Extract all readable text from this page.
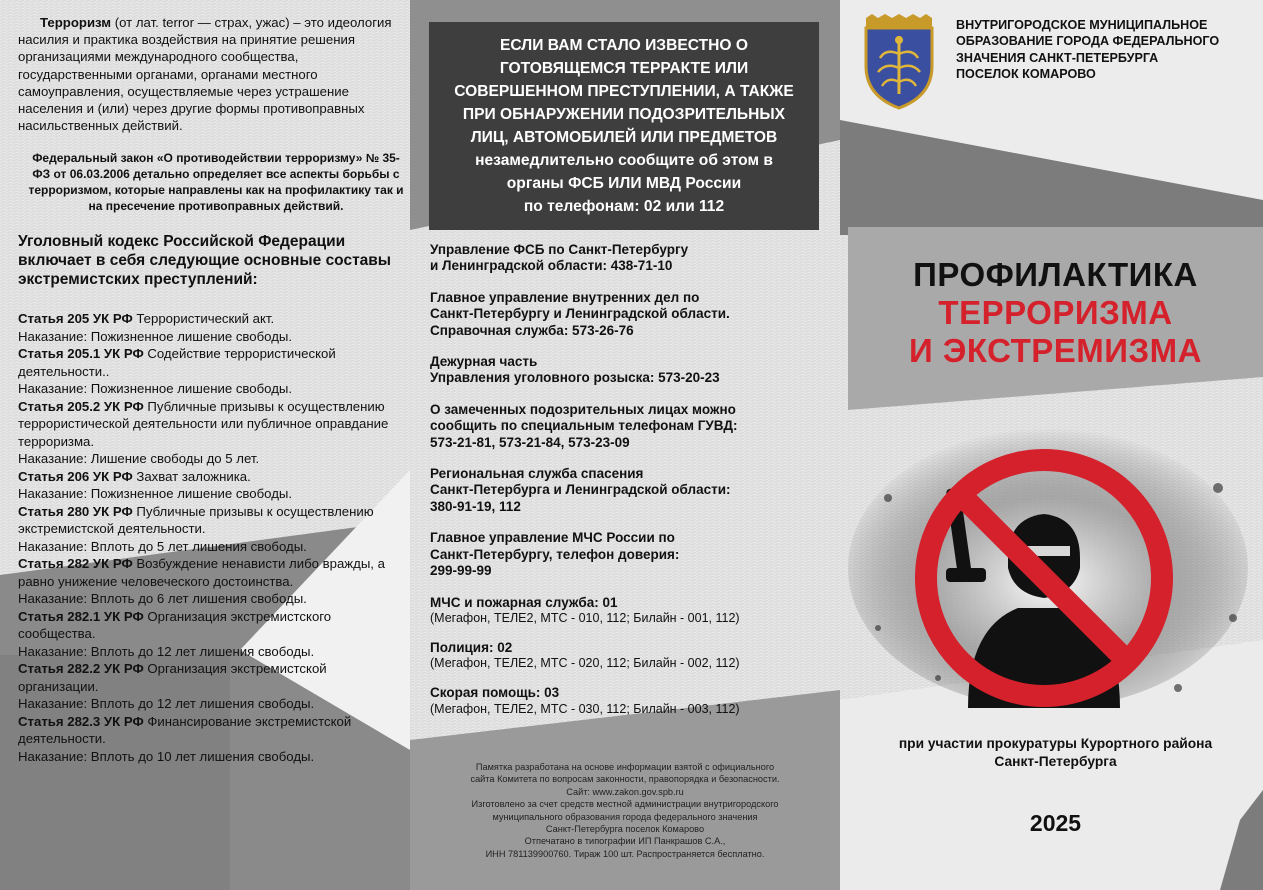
Терроризм (от лат. terror — страх, ужас) – это идеология насилия и практика воздействия на принятие решения организациями международного сообщества, государственными органами, органами местного самоуправления, осуществляемые через устрашение населения и (или) через другие формы противоправных насильственных действий.

Федеральный закон «О противодействии терроризму» № 35-ФЗ от 06.03.2006 детально определяет все аспекты борьбы с терроризмом, которые направлены как на профилактику так и на пресечение противоправных действий.

Уголовный кодекс Российской Федерации включает в себя следующие основные составы экстремистских преступлений:
Статья 205 УК РФ Террористический акт.
Наказание: Пожизненное лишение свободы.
Статья 205.1 УК РФ Содействие террористической деятельности..
Наказание: Пожизненное лишение свободы.
Статья 205.2 УК РФ Публичные призывы к осуществлению террористической деятельности или публичное оправдание терроризма.
Наказание: Лишение свободы до 5 лет.
Статья 206 УК РФ Захват заложника.
Наказание: Пожизненное лишение свободы.
Статья 280 УК РФ Публичные призывы к осуществлению экстремистской деятельности.
Наказание: Вплоть до 5 лет лишения свободы.
Статья 282 УК РФ Возбуждение ненависти либо вражды, а равно унижение человеческого достоинства.
Наказание: Вплоть до 6 лет лишения свободы.
Статья 282.1 УК РФ Организация экстремистского сообщества.
Наказание: Вплоть до 12 лет лишения свободы.
Статья 282.2 УК РФ Организация экстремистской организации.
Наказание: Вплоть до 12 лет лишения свободы.
Статья 282.3 УК РФ Финансирование экстремистской деятельности.
Наказание: Вплоть до 10 лет лишения свободы.
ЕСЛИ ВАМ СТАЛО ИЗВЕСТНО О
ГОТОВЯЩЕМСЯ ТЕРРАКТЕ ИЛИ
СОВЕРШЕННОМ ПРЕСТУПЛЕНИИ, А ТАКЖЕ
ПРИ ОБНАРУЖЕНИИ ПОДОЗРИТЕЛЬНЫХ
ЛИЦ, АВТОМОБИЛЕЙ ИЛИ ПРЕДМЕТОВ
незамедлительно сообщите об этом в
органы ФСБ ИЛИ МВД России
по телефонам: 02 или 112
Управление ФСБ по Санкт-Петербургу
и Ленинградской области: 438-71-10
Главное управление внутренних дел по
Санкт-Петербургу и Ленинградской области.
Справочная служба: 573-26-76
Дежурная часть
Управления уголовного розыска: 573-20-23
О замеченных подозрительных лицах можно
сообщить по специальным телефонам ГУВД:
573-21-81, 573-21-84, 573-23-09
Региональная служба спасения
Санкт-Петербурга и Ленинградской области:
380-91-19, 112
Главное управление МЧС России по
Санкт-Петербургу, телефон доверия:
299-99-99
МЧС и пожарная служба: 01
(Мегафон, ТЕЛЕ2, МТС - 010, 112; Билайн - 001, 112)
Полиция: 02
(Мегафон, ТЕЛЕ2, МТС - 020, 112; Билайн - 002, 112)
Скорая помощь: 03
(Мегафон, ТЕЛЕ2, МТС - 030, 112; Билайн - 003, 112)
Памятка разработана на основе информации взятой с официального
сайта Комитета по вопросам законности, правопорядка и безопасности.
Сайт: www.zakon.gov.spb.ru
Изготовлено за счет средств местной администрации внутригородского
муниципального образования города федерального значения
Санкт-Петербурга поселок Комарово
Отпечатано в типографии ИП Панкрашов С.А.,
ИНН 781139900760. Тираж 100 шт. Распространяется бесплатно.
ВНУТРИГОРОДСКОЕ МУНИЦИПАЛЬНОЕ
ОБРАЗОВАНИЕ ГОРОДА ФЕДЕРАЛЬНОГО
ЗНАЧЕНИЯ САНКТ-ПЕТЕРБУРГА
ПОСЕЛОК КОМАРОВО
ПРОФИЛАКТИКА
ТЕРРОРИЗМА
И ЭКСТРЕМИЗМА
при участии прокуратуры Курортного района
Санкт-Петербурга
2025
